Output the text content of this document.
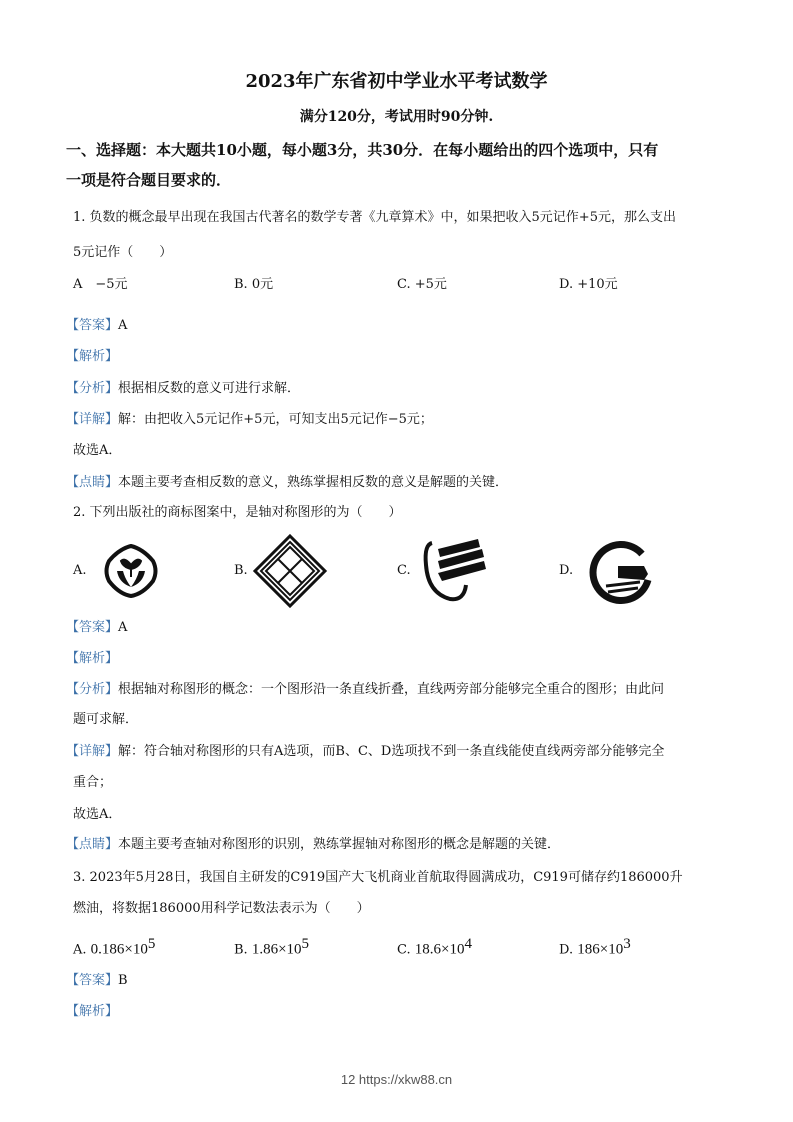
2023年广东省初中学业水平考试数学
满分120分，考试用时90分钟.
一、选择题：本大题共10小题，每小题3分，共30分．在每小题给出的四个选项中，只有
一项是符合题目要求的．
1. 负数的概念最早出现在我国古代著名的数学专著《九章算术》中，如果把收入5元记作+5元，那么支出
5元记作（　　）
A　−5元	B. 0元	C. +5元	D. +10元
【答案】A
【解析】
【分析】根据相反数的意义可进行求解．
【详解】解：由把收入5元记作+5元，可知支出5元记作−5元；
故选A．
【点睛】本题主要考查相反数的意义，熟练掌握相反数的意义是解题的关键．
2. 下列出版社的商标图案中，是轴对称图形的为（　　）
A.	B.	C.	D.
【答案】A
【解析】
【分析】根据轴对称图形的概念：一个图形沿一条直线折叠，直线两旁部分能够完全重合的图形；由此问
题可求解．
【详解】解：符合轴对称图形的只有A选项，而B、C、D选项找不到一条直线能使直线两旁部分能够完全
重合；
故选A．
【点睛】本题主要考查轴对称图形的识别，熟练掌握轴对称图形的概念是解题的关键．
3. 2023年5月28日，我国自主研发的C919国产大飞机商业首航取得圆满成功，C919可储存约186000升
燃油，将数据186000用科学记数法表示为（　　）
A. $0.186\times 10^5$	B. $1.86\times 10^5$	C. $18.6\times 10^4$	D. $186\times 10^3$
【答案】B
【解析】
12 https://xkw88.cn
